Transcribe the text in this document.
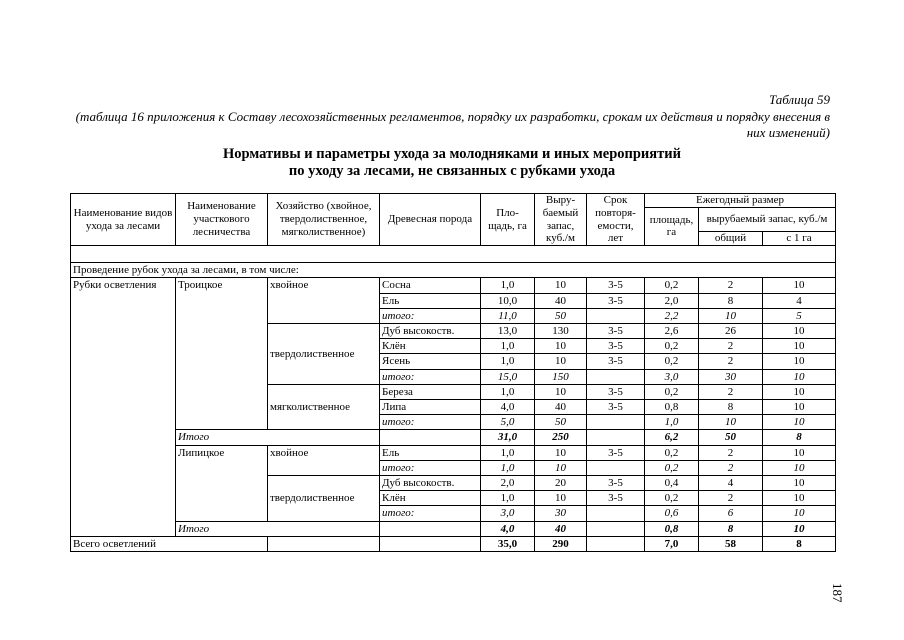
Таблица 59
(таблица 16 приложения к Составу лесохозяйственных регламентов, порядку их разработки, срокам их действия и порядку внесения в них изменений)
Нормативы и параметры ухода за молодняками и иных мероприятий
по уходу за лесами, не связанных с рубками ухода
Наименование видов ухода за лесами	Наименование участкового лесничества	Хозяйство (хвойное, твердолиственное, мягколиственное)	Древесная порода	Пло-щадь, га	Выру-баемый запас, куб./м	Срок повторя-емости, лет	Ежегодный размер		
							площадь, га	вырубаемый запас, куб./м	
								общий	с 1 га

Проведение рубок ухода за лесами, в том числе:									
Рубки осветления	Троицкое	хвойное	Сосна	1,0	10	3-5	0,2	2	10
			Ель	10,0	40	3-5	2,0	8	4
			итого:	11,0	50		2,2	10	5
		твердолиственное	Дуб высокоств.	13,0	130	3-5	2,6	26	10
			Клён	1,0	10	3-5	0,2	2	10
			Ясень	1,0	10	3-5	0,2	2	10
			итого:	15,0	150		3,0	30	10
		мягколиственное	Береза	1,0	10	3-5	0,2	2	10
			Липа	4,0	40	3-5	0,8	8	10
			итого:	5,0	50		1,0	10	10
	Итого			31,0	250		6,2	50	8
	Липицкое	хвойное	Ель	1,0	10	3-5	0,2	2	10
			итого:	1,0	10		0,2	2	10
		твердолиственное	Дуб высокоств.	2,0	20	3-5	0,4	4	10
			Клён	1,0	10	3-5	0,2	2	10
			итого:	3,0	30		0,6	6	10
	Итого			4,0	40		0,8	8	10
Всего осветлений				35,0	290		7,0	58	8
187
